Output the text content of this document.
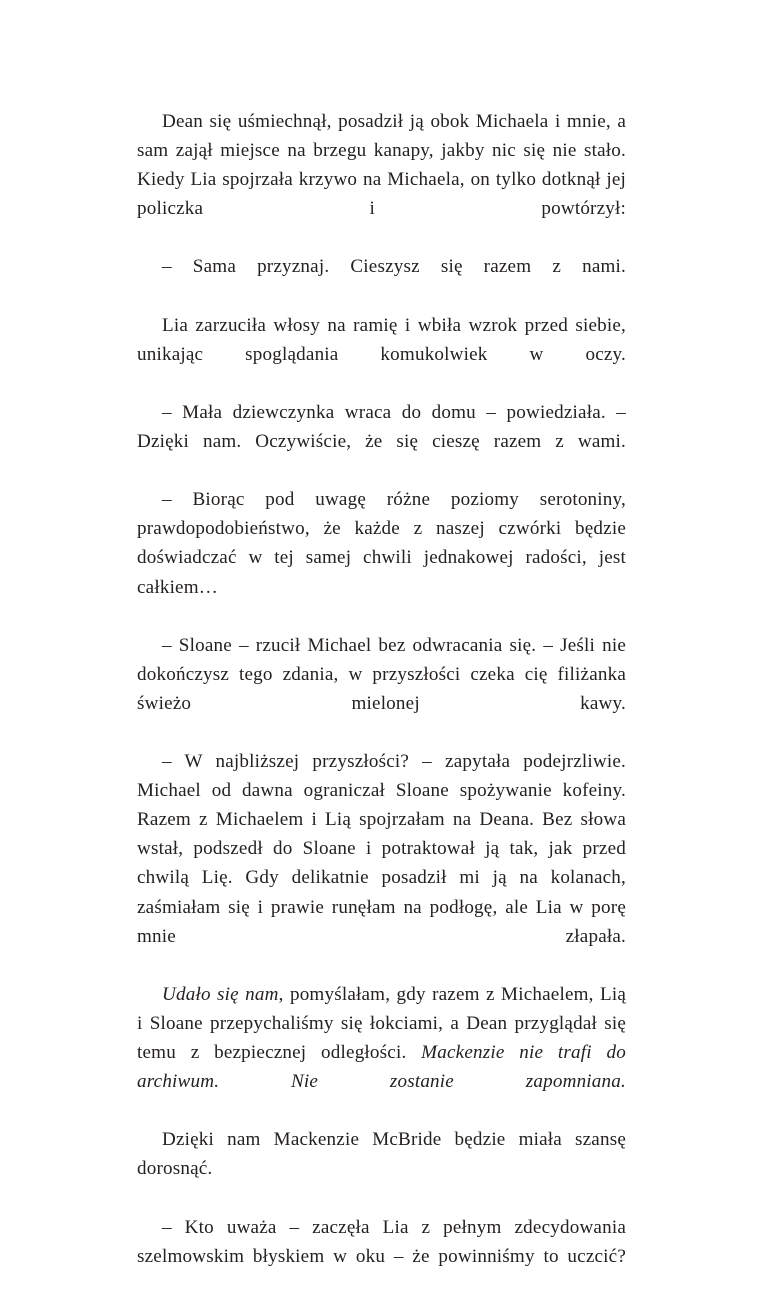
Dean się uśmiechnął, posadził ją obok Michaela i mnie, a sam zajął miejsce na brzegu kanapy, jakby nic się nie stało. Kiedy Lia spojrzała krzywo na Michaela, on tylko dotknął jej policzka i powtórzył:

– Sama przyznaj. Cieszysz się razem z nami.

Lia zarzuciła włosy na ramię i wbiła wzrok przed siebie, unikając spoglądania komukolwiek w oczy.

– Mała dziewczynka wraca do domu – powiedziała. – Dzięki nam. Oczywiście, że się cieszę razem z wami.

– Biorąc pod uwagę różne poziomy serotoniny, prawdopodobieństwo, że każde z naszej czwórki będzie doświadczać w tej samej chwili jednakowej radości, jest całkiem…

– Sloane – rzucił Michael bez odwracania się. – Jeśli nie dokończysz tego zdania, w przyszłości czeka cię filiżanka świeżo mielonej kawy.

– W najbliższej przyszłości? – zapytała podejrzliwie. Michael od dawna ograniczał Sloane spożywanie kofeiny. Razem z Michaelem i Lią spojrzałam na Deana. Bez słowa wstał, podszedł do Sloane i potraktował ją tak, jak przed chwilą Lię. Gdy delikatnie posadził mi ją na kolanach, zaśmiałam się i prawie runęłam na podłogę, ale Lia w porę mnie złapała.

Udało się nam, pomyślałam, gdy razem z Michaelem, Lią i Sloane przepychaliśmy się łokciami, a Dean przyglądał się temu z bezpiecznej odległości. Mackenzie nie trafi do archiwum. Nie zostanie zapomniana.

Dzięki nam Mackenzie McBride będzie miała szansę dorosnąć.

– Kto uważa – zaczęła Lia z pełnym zdecydowania szelmowskim błyskiem w oku – że powinniśmy to uczcić?
